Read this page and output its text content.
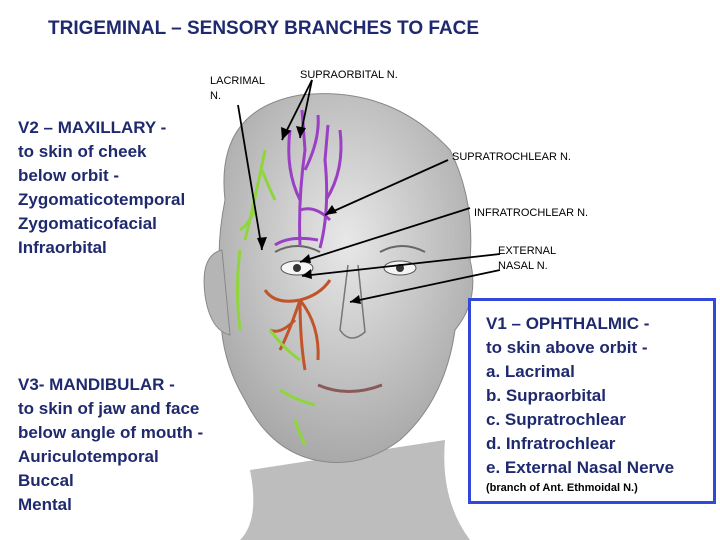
TRIGEMINAL – SENSORY BRANCHES TO FACE
LACRIMAL
N.
SUPRAORBITAL N.
SUPRATROCHLEAR N.
INFRATROCHLEAR N.
EXTERNAL
NASAL N.
V2 – MAXILLARY -
to skin of cheek
below orbit -
Zygomaticotemporal
Zygomaticofacial
Infraorbital
V3- MANDIBULAR -
to skin of jaw and face
below angle of mouth -
Auriculotemporal
Buccal
Mental
V1 – OPHTHALMIC -
to skin above orbit -
a. Lacrimal
b. Supraorbital
c. Supratrochlear
d. Infratrochlear
e. External Nasal Nerve
(branch of Ant. Ethmoidal N.)
